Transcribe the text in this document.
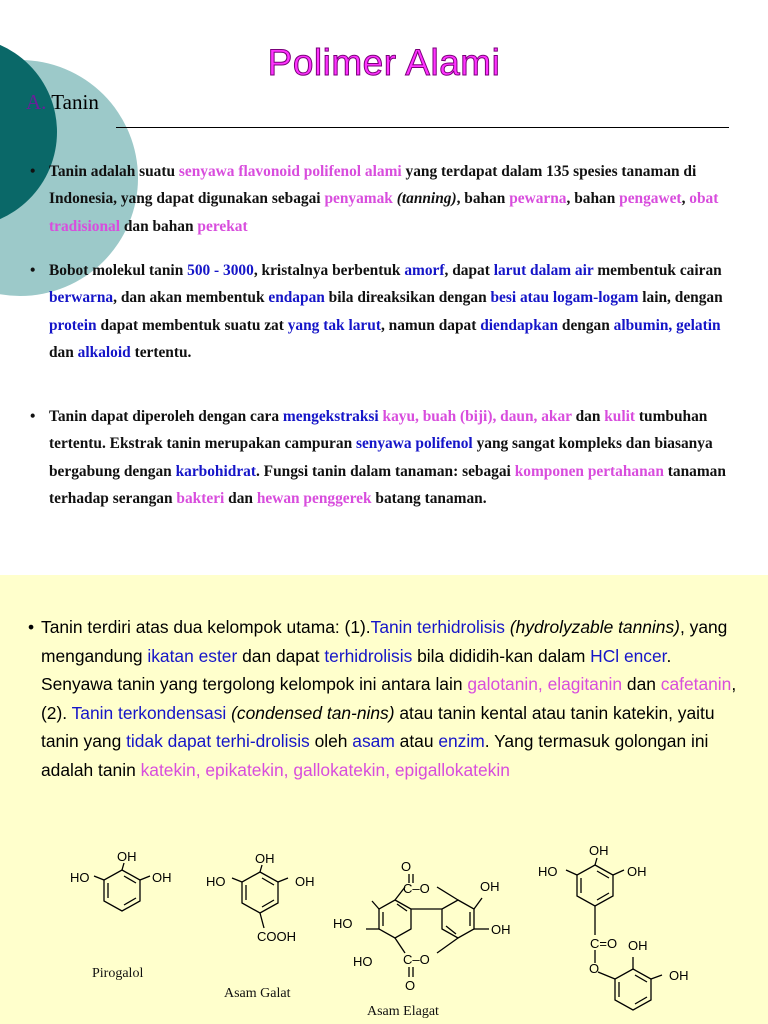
Polimer Alami
A. Tanin
• Tanin adalah suatu senyawa flavonoid polifenol alami yang terdapat dalam 135 spesies tanaman di Indonesia, yang dapat digunakan sebagai penyamak (tanning), bahan pewarna, bahan pengawet, obat tradisional dan bahan perekat
• Bobot molekul tanin 500 - 3000, kristalnya berbentuk amorf, dapat larut dalam air membentuk cairan berwarna, dan akan membentuk endapan bila direaksikan dengan besi atau logam-logam lain, dengan protein dapat membentuk suatu zat yang tak larut, namun dapat diendapkan dengan albumin, gelatin dan alkaloid tertentu.
• Tanin dapat diperoleh dengan cara mengekstraksi kayu, buah (biji), daun, akar dan kulit tumbuhan tertentu. Ekstrak tanin merupakan campuran senyawa polifenol yang sangat kompleks dan biasanya bergabung dengan karbohidrat. Fungsi tanin dalam tanaman: sebagai komponen pertahanan tanaman terhadap serangan bakteri dan hewan penggerek batang tanaman.
• Tanin terdiri atas dua kelompok utama: (1).Tanin terhidrolisis (hydrolyzable tannins), yang mengandung ikatan ester dan dapat terhidrolisis bila dididih-kan dalam HCl encer. Senyawa tanin yang tergolong kelompok ini antara lain galotanin, elagitanin dan cafetanin, (2). Tanin terkondensasi (condensed tan-nins) atau tanin kental atau tanin katekin, yaitu tanin yang tidak dapat terhi-drolisis oleh asam atau enzim. Yang termasuk golongan ini adalah tanin katekin, epikatekin, gallokatekin, epigallokatekin
OH
HO	OH
OH
HO	OH
COOH
O
C–O	OH
OH
HO
HO C–O
O
OH
HO	OH
C=O OH
OH
O
Pirogalol
Asam Galat
Asam Elagat
